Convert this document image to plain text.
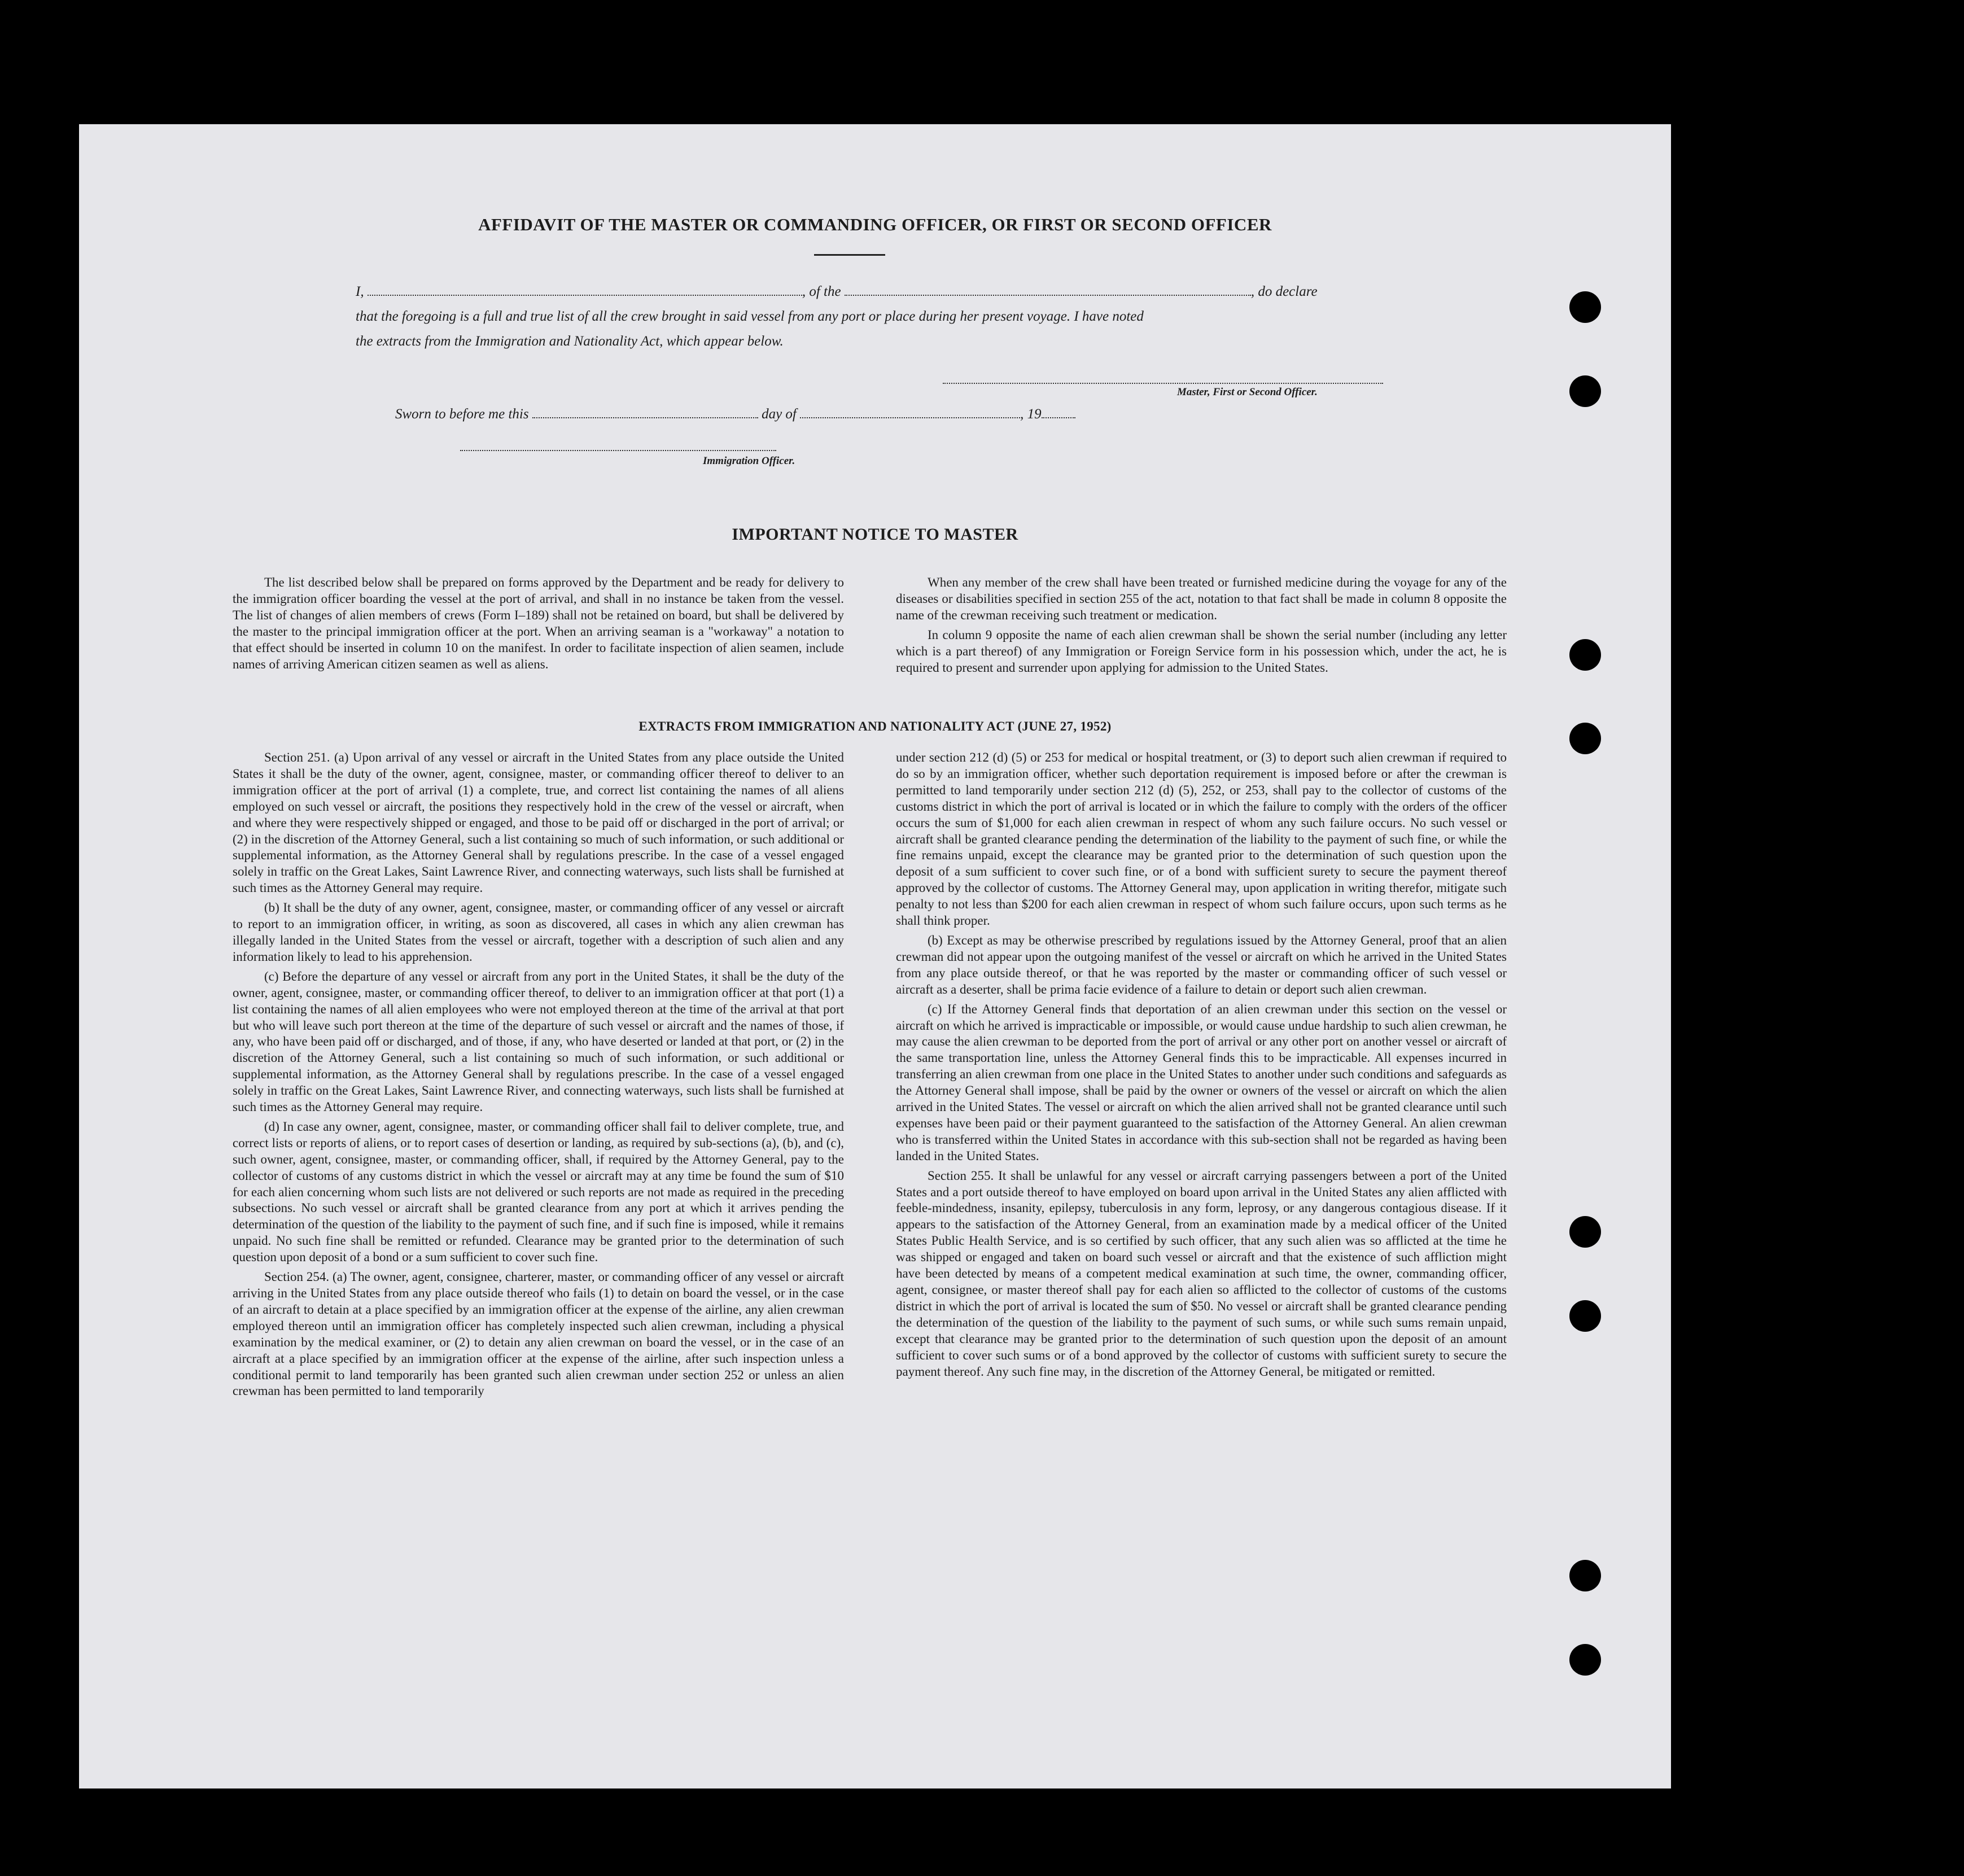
AFFIDAVIT OF THE MASTER OR COMMANDING OFFICER, OR FIRST OR SECOND OFFICER
I,	, of the	, do declare
that the foregoing is a full and true list of all the crew brought in said vessel from any port or place during her present voyage. I have noted
the extracts from the Immigration and Nationality Act, which appear below.
Master, First or Second Officer.
Sworn to before me this	day of	, 19
Immigration Officer.
IMPORTANT NOTICE TO MASTER

The list described below shall be prepared on forms approved by the Department and be ready for delivery to the immigration officer boarding the vessel at the port of arrival, and shall in no instance be taken from the vessel. The list of changes of alien members of crews (Form I–189) shall not be retained on board, but shall be delivered by the master to the principal immigration officer at the port. When an arriving seaman is a "workaway" a notation to that effect should be inserted in column 10 on the manifest. In order to facilitate inspection of alien seamen, include names of arriving American citizen seamen as well as aliens.

When any member of the crew shall have been treated or furnished medicine during the voyage for any of the diseases or disabilities specified in section 255 of the act, notation to that fact shall be made in column 8 opposite the name of the crewman receiving such treatment or medication.

In column 9 opposite the name of each alien crewman shall be shown the serial number (including any letter which is a part thereof) of any Immigration or Foreign Service form in his possession which, under the act, he is required to present and surrender upon applying for admission to the United States.

EXTRACTS FROM IMMIGRATION AND NATIONALITY ACT (JUNE 27, 1952)

Section 251. (a) Upon arrival of any vessel or aircraft in the United States from any place outside the United States it shall be the duty of the owner, agent, consignee, master, or commanding officer thereof to deliver to an immigration officer at the port of arrival (1) a complete, true, and correct list containing the names of all aliens employed on such vessel or aircraft, the positions they respectively hold in the crew of the vessel or aircraft, when and where they were respectively shipped or engaged, and those to be paid off or discharged in the port of arrival; or (2) in the discretion of the Attorney General, such a list containing so much of such information, or such additional or supplemental information, as the Attorney General shall by regulations prescribe. In the case of a vessel engaged solely in traffic on the Great Lakes, Saint Lawrence River, and connecting waterways, such lists shall be furnished at such times as the Attorney General may require.

(b) It shall be the duty of any owner, agent, consignee, master, or commanding officer of any vessel or aircraft to report to an immigration officer, in writing, as soon as discovered, all cases in which any alien crewman has illegally landed in the United States from the vessel or aircraft, together with a description of such alien and any information likely to lead to his apprehension.

(c) Before the departure of any vessel or aircraft from any port in the United States, it shall be the duty of the owner, agent, consignee, master, or commanding officer thereof, to deliver to an immigration officer at that port (1) a list containing the names of all alien employees who were not employed thereon at the time of the arrival at that port but who will leave such port thereon at the time of the departure of such vessel or aircraft and the names of those, if any, who have been paid off or discharged, and of those, if any, who have deserted or landed at that port, or (2) in the discretion of the Attorney General, such a list containing so much of such information, or such additional or supplemental information, as the Attorney General shall by regulations prescribe. In the case of a vessel engaged solely in traffic on the Great Lakes, Saint Lawrence River, and connecting waterways, such lists shall be furnished at such times as the Attorney General may require.

(d) In case any owner, agent, consignee, master, or commanding officer shall fail to deliver complete, true, and correct lists or reports of aliens, or to report cases of desertion or landing, as required by sub-sections (a), (b), and (c), such owner, agent, consignee, master, or commanding officer, shall, if required by the Attorney General, pay to the collector of customs of any customs district in which the vessel or aircraft may at any time be found the sum of $10 for each alien concerning whom such lists are not delivered or such reports are not made as required in the preceding subsections. No such vessel or aircraft shall be granted clearance from any port at which it arrives pending the determination of the question of the liability to the payment of such fine, and if such fine is imposed, while it remains unpaid. No such fine shall be remitted or refunded. Clearance may be granted prior to the determination of such question upon deposit of a bond or a sum sufficient to cover such fine.

Section 254. (a) The owner, agent, consignee, charterer, master, or commanding officer of any vessel or aircraft arriving in the United States from any place outside thereof who fails (1) to detain on board the vessel, or in the case of an aircraft to detain at a place specified by an immigration officer at the expense of the airline, any alien crewman employed thereon until an immigration officer has completely inspected such alien crewman, including a physical examination by the medical examiner, or (2) to detain any alien crewman on board the vessel, or in the case of an aircraft at a place specified by an immigration officer at the expense of the airline, after such inspection unless a conditional permit to land temporarily has been granted such alien crewman under section 252 or unless an alien crewman has been permitted to land temporarily

under section 212 (d) (5) or 253 for medical or hospital treatment, or (3) to deport such alien crewman if required to do so by an immigration officer, whether such deportation requirement is imposed before or after the crewman is permitted to land temporarily under section 212 (d) (5), 252, or 253, shall pay to the collector of customs of the customs district in which the port of arrival is located or in which the failure to comply with the orders of the officer occurs the sum of $1,000 for each alien crewman in respect of whom any such failure occurs. No such vessel or aircraft shall be granted clearance pending the determination of the liability to the payment of such fine, or while the fine remains unpaid, except the clearance may be granted prior to the determination of such question upon the deposit of a sum sufficient to cover such fine, or of a bond with sufficient surety to secure the payment thereof approved by the collector of customs. The Attorney General may, upon application in writing therefor, mitigate such penalty to not less than $200 for each alien crewman in respect of whom such failure occurs, upon such terms as he shall think proper.

(b) Except as may be otherwise prescribed by regulations issued by the Attorney General, proof that an alien crewman did not appear upon the outgoing manifest of the vessel or aircraft on which he arrived in the United States from any place outside thereof, or that he was reported by the master or commanding officer of such vessel or aircraft as a deserter, shall be prima facie evidence of a failure to detain or deport such alien crewman.

(c) If the Attorney General finds that deportation of an alien crewman under this section on the vessel or aircraft on which he arrived is impracticable or impossible, or would cause undue hardship to such alien crewman, he may cause the alien crewman to be deported from the port of arrival or any other port on another vessel or aircraft of the same transportation line, unless the Attorney General finds this to be impracticable. All expenses incurred in transferring an alien crewman from one place in the United States to another under such conditions and safeguards as the Attorney General shall impose, shall be paid by the owner or owners of the vessel or aircraft on which the alien arrived in the United States. The vessel or aircraft on which the alien arrived shall not be granted clearance until such expenses have been paid or their payment guaranteed to the satisfaction of the Attorney General. An alien crewman who is transferred within the United States in accordance with this sub-section shall not be regarded as having been landed in the United States.

Section 255. It shall be unlawful for any vessel or aircraft carrying passengers between a port of the United States and a port outside thereof to have employed on board upon arrival in the United States any alien afflicted with feeble-mindedness, insanity, epilepsy, tuberculosis in any form, leprosy, or any dangerous contagious disease. If it appears to the satisfaction of the Attorney General, from an examination made by a medical officer of the United States Public Health Service, and is so certified by such officer, that any such alien was so afflicted at the time he was shipped or engaged and taken on board such vessel or aircraft and that the existence of such affliction might have been detected by means of a competent medical examination at such time, the owner, commanding officer, agent, consignee, or master thereof shall pay for each alien so afflicted to the collector of customs of the customs district in which the port of arrival is located the sum of $50. No vessel or aircraft shall be granted clearance pending the determination of the question of the liability to the payment of such sums, or while such sums remain unpaid, except that clearance may be granted prior to the determination of such question upon the deposit of an amount sufficient to cover such sums or of a bond approved by the collector of customs with sufficient surety to secure the payment thereof. Any such fine may, in the discretion of the Attorney General, be mitigated or remitted.
